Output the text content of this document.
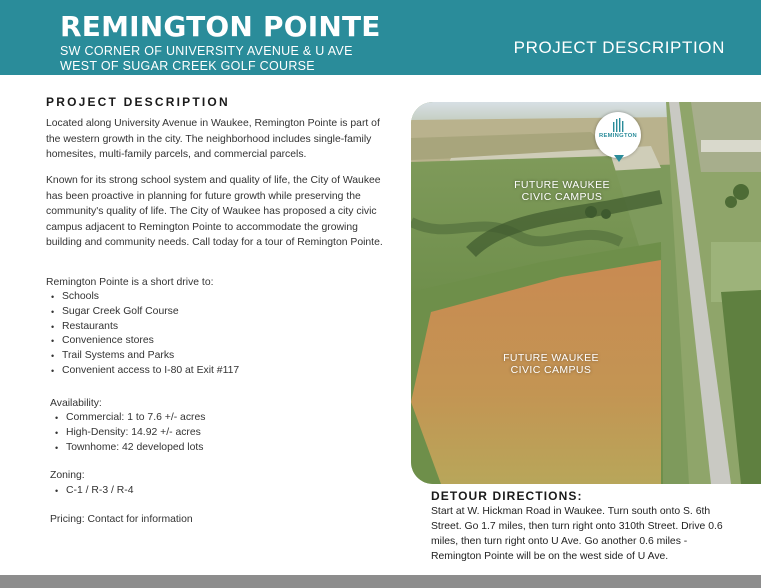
REMINGTON POINTE
SW CORNER OF UNIVERSITY AVENUE & U AVE
WEST OF SUGAR CREEK GOLF COURSE
PROJECT DESCRIPTION
PROJECT DESCRIPTION

Located along University Avenue in Waukee, Remington Pointe is part of the western growth in the city. The neighborhood includes single-family homesites, multi-family parcels, and commercial parcels.

Known for its strong school system and quality of life, the City of Waukee has been proactive in planning for future growth while preserving the community's quality of life. The City of Waukee has proposed a city civic campus adjacent to Remington Pointe to accommodate the growing building and community needs. Call today for a tour of Remington Pointe.

Remington Pointe is a short drive to:

• Schools
• Sugar Creek Golf Course
• Restaurants
• Convenience stores
• Trail Systems and Parks
• Convenient access to I-80 at Exit #117
Availability:
• Commercial: 1 to 7.6 +/- acres
• High-Density: 14.92 +/- acres
• Townhome: 42 developed lots
Zoning:
• C-1 / R-3 / R-4
Pricing: Contact for information
REMINGTON
FUTURE WAUKEE CIVIC CAMPUS
FUTURE WAUKEE CIVIC CAMPUS
DETOUR DIRECTIONS:

Start at W. Hickman Road in Waukee. Turn south onto S. 6th Street. Go 1.7 miles, then turn right onto 310th Street. Drive 0.6 miles, then turn right onto U Ave. Go another 0.6 miles - Remington Pointe will be on the west side of U Ave.
